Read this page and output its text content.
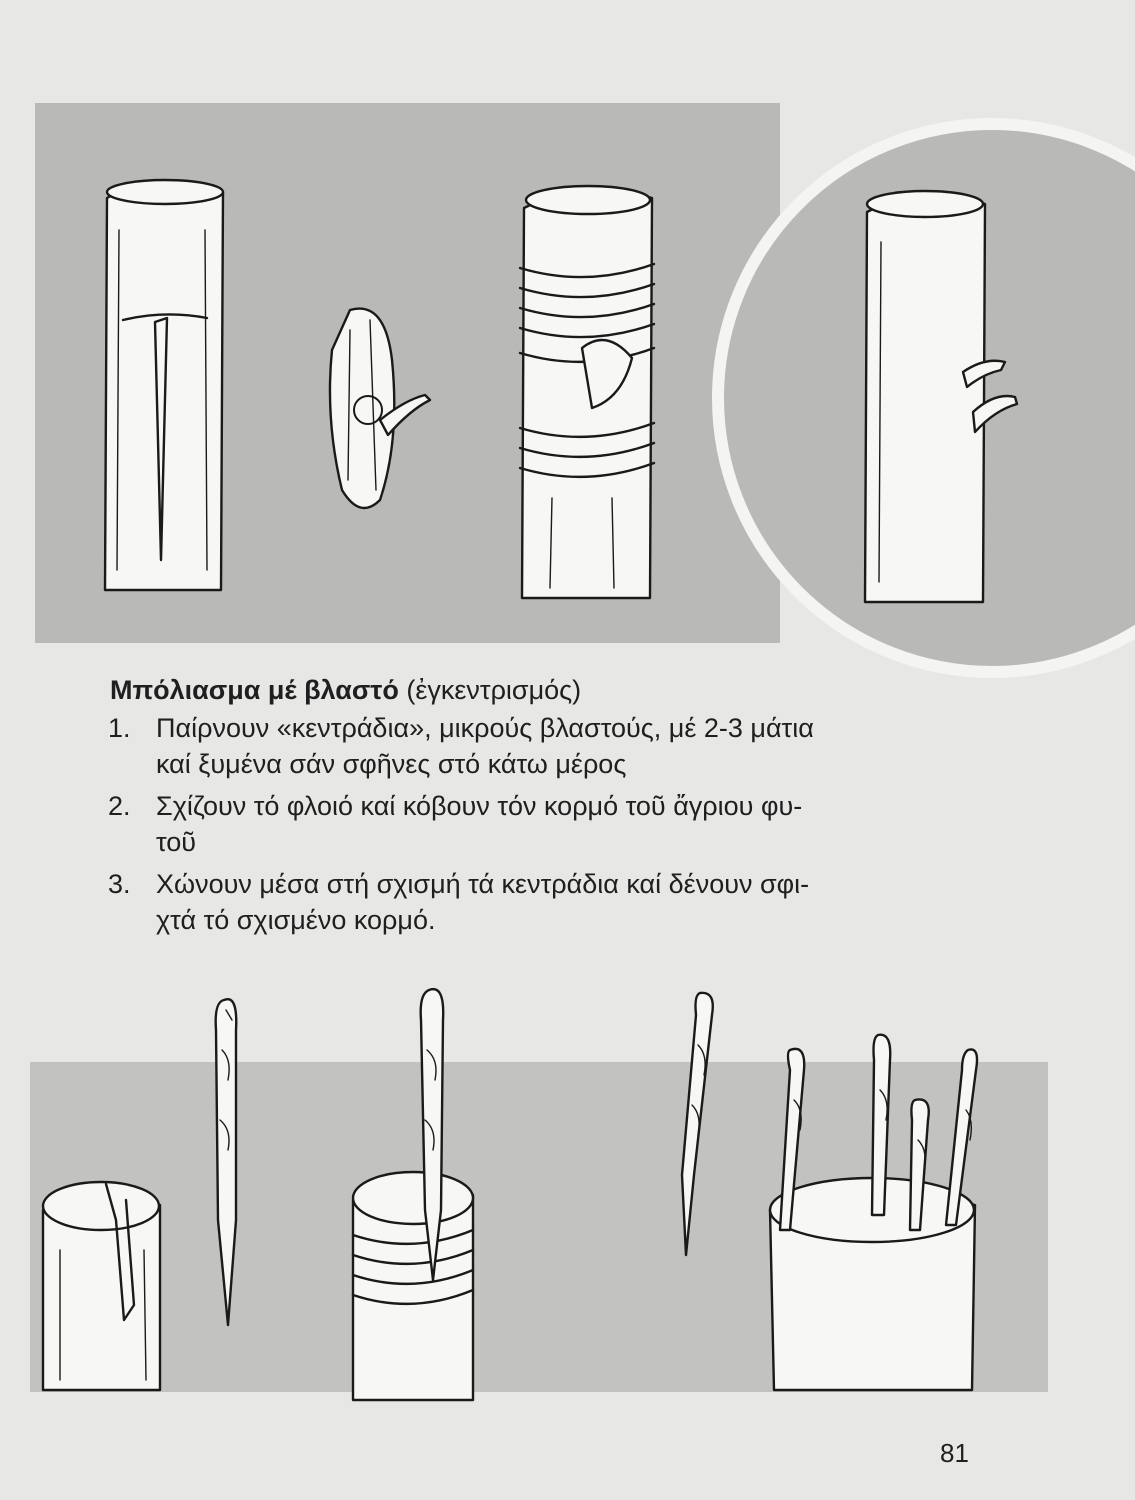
Μπόλιασμα μέ βλαστό (ἐγκεντρισμός)
1. Παίρνουν «κεντράδια», μικρούς βλαστούς, μέ 2-3 μάτια
καί ξυμένα σάν σφῆνες στό κάτω μέρος
2. Σχίζουν τό φλοιό καί κόβουν τόν κορμό τοῦ ἄγριου φυ-
τοῦ
3. Χώνουν μέσα στή σχισμή τά κεντράδια καί δένουν σφι-
χτά τό σχισμένο κορμό.
81
